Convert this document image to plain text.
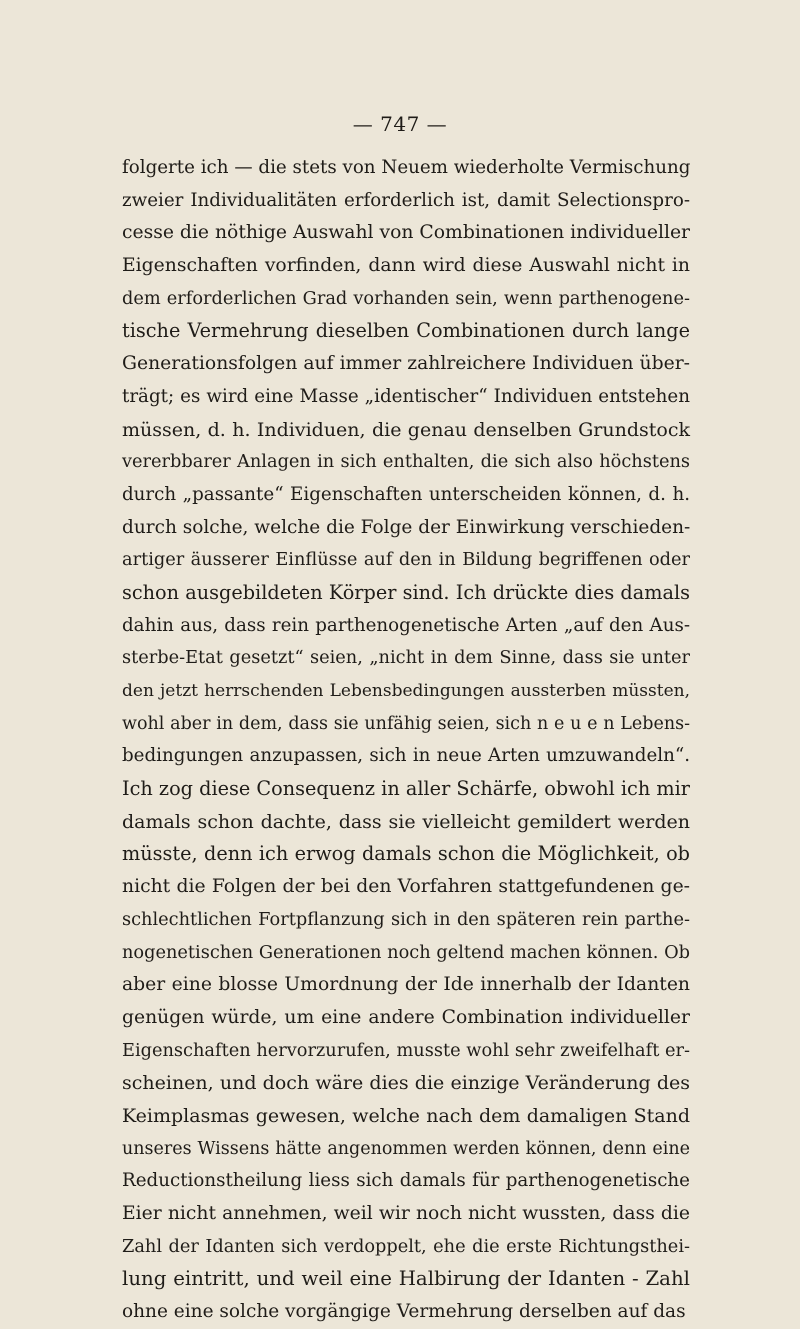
— 747 —
folgerte ich — die stets von Neuem wiederholte Vermischung
zweier Individualitäten erforderlich ist, damit Selectionspro-
cesse die nöthige Auswahl von Combinationen individueller
Eigenschaften vorfinden, dann wird diese Auswahl nicht in
dem erforderlichen Grad vorhanden sein, wenn parthenogene-
tische Vermehrung dieselben Combinationen durch lange
Generationsfolgen auf immer zahlreichere Individuen über-
trägt; es wird eine Masse „identischer“ Individuen entstehen
müssen, d. h. Individuen, die genau denselben Grundstock
vererbbarer Anlagen in sich enthalten, die sich also höchstens
durch „passante“ Eigenschaften unterscheiden können, d. h.
durch solche, welche die Folge der Einwirkung verschieden-
artiger äusserer Einflüsse auf den in Bildung begriffenen oder
schon ausgebildeten Körper sind. Ich drückte dies damals
dahin aus, dass rein parthenogenetische Arten „auf den Aus-
sterbe-Etat gesetzt“ seien, „nicht in dem Sinne, dass sie unter
den jetzt herrschenden Lebensbedingungen aussterben müssten,
wohl aber in dem, dass sie unfähig seien, sich n e u e n Lebens-
bedingungen anzupassen, sich in neue Arten umzuwandeln“.
Ich zog diese Consequenz in aller Schärfe, obwohl ich mir
damals schon dachte, dass sie vielleicht gemildert werden
müsste, denn ich erwog damals schon die Möglichkeit, ob
nicht die Folgen der bei den Vorfahren stattgefundenen ge-
schlechtlichen Fortpflanzung sich in den späteren rein parthe-
nogenetischen Generationen noch geltend machen können. Ob
aber eine blosse Umordnung der Ide innerhalb der Idanten
genügen würde, um eine andere Combination individueller
Eigenschaften hervorzurufen, musste wohl sehr zweifelhaft er-
scheinen, und doch wäre dies die einzige Veränderung des
Keimplasmas gewesen, welche nach dem damaligen Stand
unseres Wissens hätte angenommen werden können, denn eine
Reductionstheilung liess sich damals für parthenogenetische
Eier nicht annehmen, weil wir noch nicht wussten, dass die
Zahl der Idanten sich verdoppelt, ehe die erste Richtungsthei-
lung eintritt, und weil eine Halbirung der Idanten - Zahl
ohne eine solche vorgängige Vermehrung derselben auf das
